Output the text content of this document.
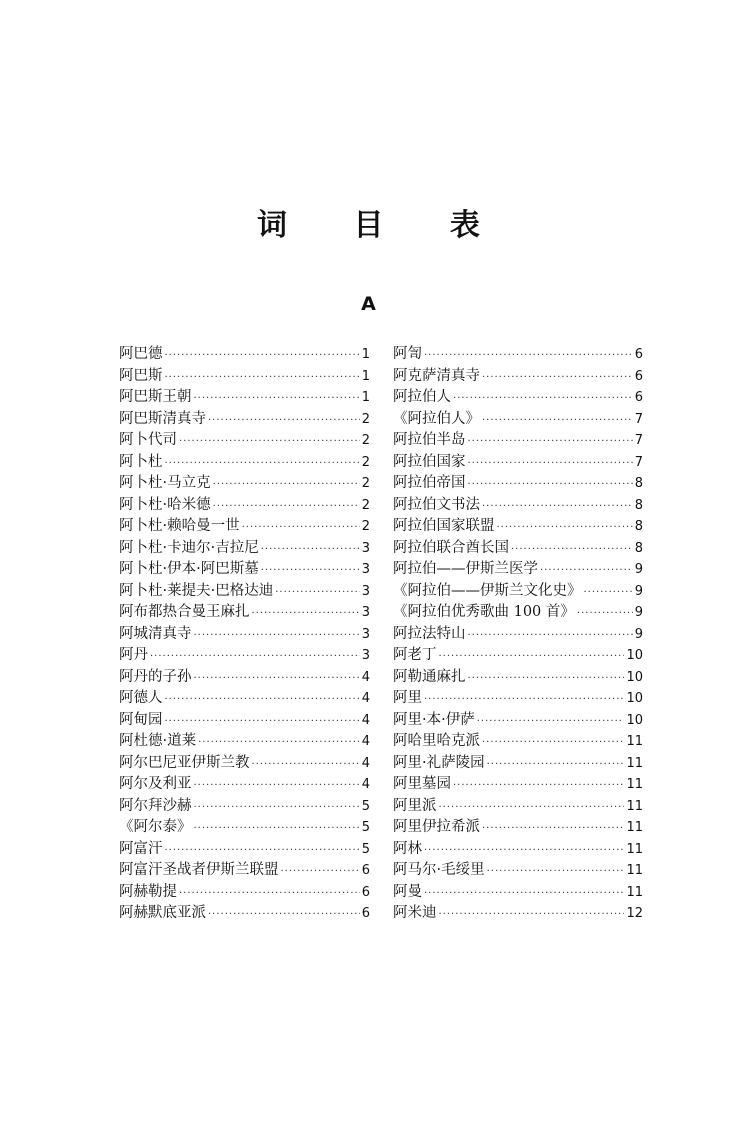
词 目 表
A
阿巴德 ·····	1
阿巴斯 ·····	1
阿巴斯王朝 ·····	1
阿巴斯清真寺 ·····	2
阿卜代司 ·····	2
阿卜杜 ·····	2
阿卜杜·马立克 ·····	2
阿卜杜·哈米德 ·····	2
阿卜杜·赖哈曼一世 ·····	2
阿卜杜·卡迪尔·吉拉尼 ·····	3
阿卜杜·伊本·阿巴斯墓 ·····	3
阿卜杜·莱提夫·巴格达迪 ·····	3
阿布都热合曼王麻扎 ·····	3
阿城清真寺 ·····	3
阿丹 ·····	3
阿丹的子孙 ·····	4
阿德人 ·····	4
阿甸园 ·····	4
阿杜德·道莱 ·····	4
阿尔巴尼亚伊斯兰教 ·····	4
阿尔及利亚 ·····	4
阿尔拜沙赫 ·····	5
《阿尔泰》 ·····	5
阿富汗 ·····	5
阿富汗圣战者伊斯兰联盟 ·····	6
阿赫勒提 ·····	6
阿赫默底亚派 ·····	6
阿訇 ·····	6
阿克萨清真寺 ·····	6
阿拉伯人 ·····	6
《阿拉伯人》 ·····	7
阿拉伯半岛 ·····	7
阿拉伯国家 ·····	7
阿拉伯帝国 ·····	8
阿拉伯文书法 ·····	8
阿拉伯国家联盟 ·····	8
阿拉伯联合酋长国 ·····	8
阿拉伯——伊斯兰医学 ·····	9
《阿拉伯——伊斯兰文化史》 ·····	9
《阿拉伯优秀歌曲 100 首》 ·····	9
阿拉法特山 ·····	9
阿老丁 ·····	10
阿勒通麻扎 ·····	10
阿里 ·····	10
阿里·本·伊萨 ·····	10
阿哈里哈克派 ·····	11
阿里·礼萨陵园 ·····	11
阿里墓园 ·····	11
阿里派 ·····	11
阿里伊拉希派 ·····	11
阿林 ·····	11
阿马尔·毛绥里 ·····	11
阿曼 ·····	11
阿米迪 ·····	12
